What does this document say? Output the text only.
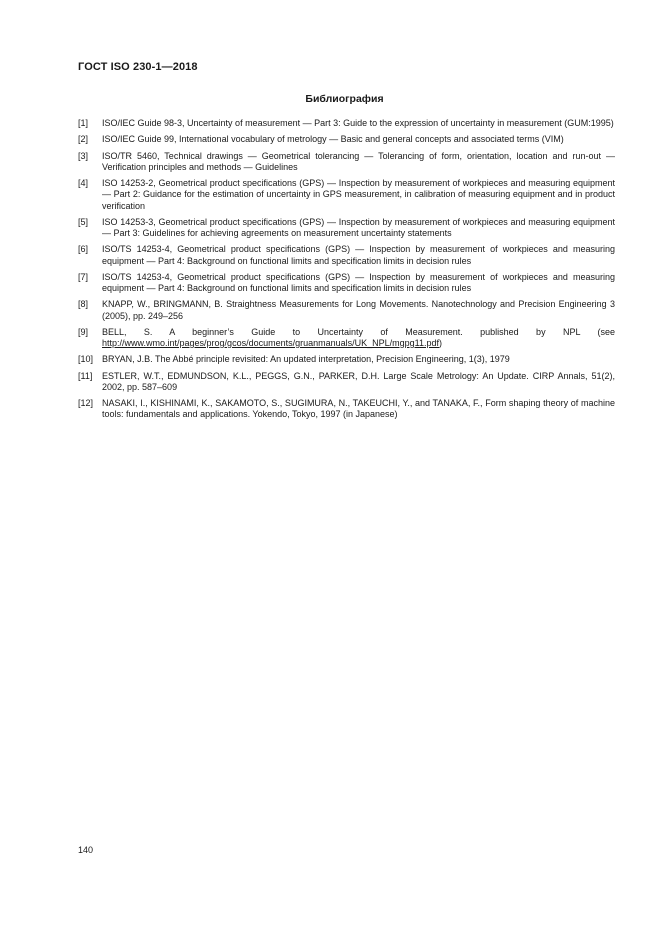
ГОСТ ISO 230-1—2018
Библиография
[1]	ISO/IEC Guide 98-3, Uncertainty of measurement — Part 3: Guide to the expression of uncertainty in measurement (GUM:1995)
[2]	ISO/IEC Guide 99, International vocabulary of metrology — Basic and general concepts and associated terms (VIM)
[3]	ISO/TR 5460, Technical drawings — Geometrical tolerancing — Tolerancing of form, orientation, location and run-out — Verification principles and methods — Guidelines
[4]	ISO 14253-2, Geometrical product specifications (GPS) — Inspection by measurement of workpieces and measuring equipment — Part 2: Guidance for the estimation of uncertainty in GPS measurement, in calibration of measuring equipment and in product verification
[5]	ISO 14253-3, Geometrical product specifications (GPS) — Inspection by measurement of workpieces and measuring equipment — Part 3: Guidelines for achieving agreements on measurement uncertainty statements
[6]	ISO/TS 14253-4, Geometrical product specifications (GPS) — Inspection by measurement of workpieces and measuring equipment — Part 4: Background on functional limits and specification limits in decision rules
[7]	ISO/TS 14253-4, Geometrical product specifications (GPS) — Inspection by measurement of workpieces and measuring equipment — Part 4: Background on functional limits and specification limits in decision rules
[8]	KNAPP, W., BRINGMANN, B. Straightness Measurements for Long Movements. Nanotechnology and Precision Engineering 3 (2005), pp. 249–256
[9]	BELL, S. A beginner’s Guide to Uncertainty of Measurement. published by NPL (see http://www.wmo.int/pages/prog/gcos/documents/gruanmanuals/UK_NPL/mgpg11.pdf)
[10] BRYAN, J.B. The Abbé principle revisited: An updated interpretation, Precision Engineering, 1(3), 1979
[11]	ESTLER, W.T., EDMUNDSON, K.L., PEGGS, G.N., PARKER, D.H. Large Scale Metrology: An Update. CIRP Annals, 51(2), 2002, pp. 587–609
[12] NASAKI, I., KISHINAMI, K., SAKAMOTO, S., SUGIMURA, N., TAKEUCHI, Y., and TANAKA, F., Form shaping theory of machine tools: fundamentals and applications. Yokendo, Tokyo, 1997 (in Japanese)
140
